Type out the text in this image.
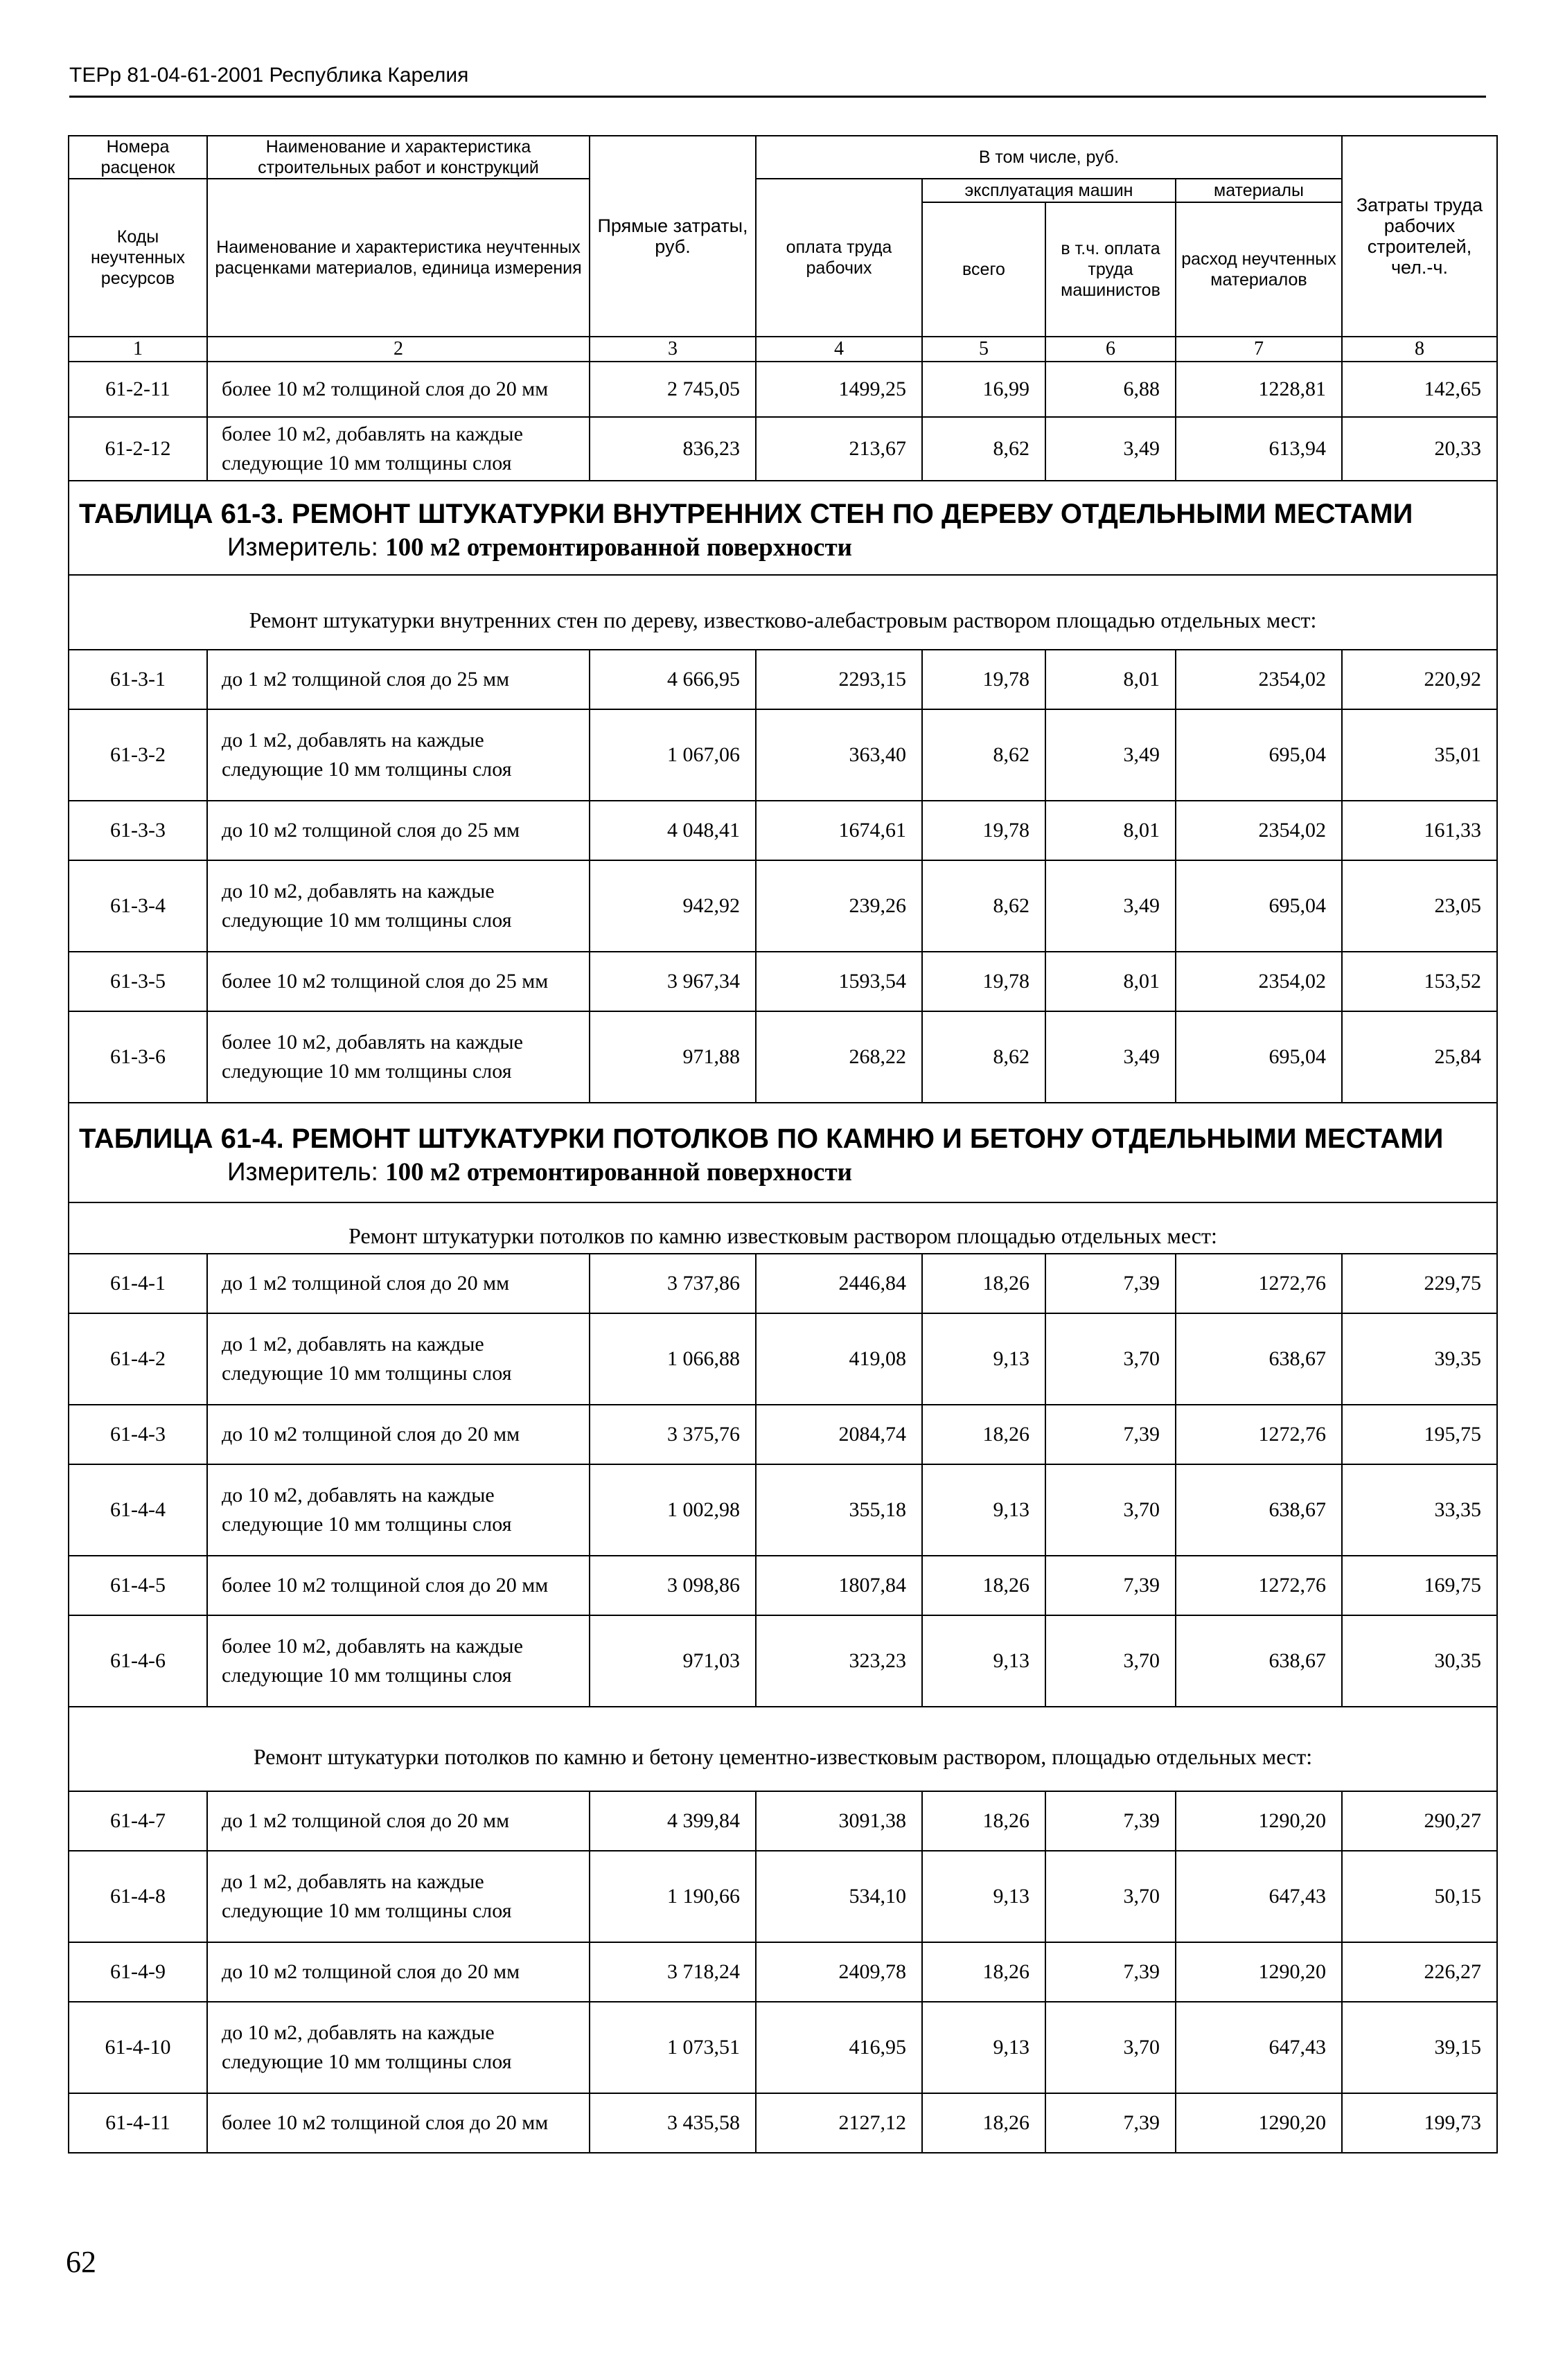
ТЕРр 81-04-61-2001 Республика Карелия
Номера расценок	Наименование и характеристика строительных работ и конструкций	Прямые затраты, руб.	В том числе, руб.				Затраты труда рабочих строителей, чел.-ч.
Коды неучтенных ресурсов	Наименование и характеристика неучтенных расценками материалов, единица измерения		оплата труда рабочих	эксплуатация машин		материалы	
				всего	в т.ч. оплата труда машинистов	расход неучтенных материалов	
1	2	3	4	5	6	7	8
61-2-11	более 10 м2 толщиной слоя до 20 мм	2 745,05	1499,25	16,99	6,88	1228,81	142,65
61-2-12	более 10 м2, добавлять на каждые следующие 10 мм толщины слоя	836,23	213,67	8,62	3,49	613,94	20,33

ТАБЛИЦА 61-3. РЕМОНТ ШТУКАТУРКИ ВНУТРЕННИХ СТЕН ПО ДЕРЕВУ ОТДЕЛЬНЫМИ МЕСТАМИ
Измеритель: 100 м2 отремонтированной поверхности							

Ремонт штукатурки внутренних стен по дереву, известково-алебастровым раствором площадью отдельных мест:							
61-3-1	до 1 м2 толщиной слоя до 25 мм	4 666,95	2293,15	19,78	8,01	2354,02	220,92
61-3-2	до 1 м2, добавлять на каждые следующие 10 мм толщины слоя	1 067,06	363,40	8,62	3,49	695,04	35,01
61-3-3	до 10 м2 толщиной слоя до 25 мм	4 048,41	1674,61	19,78	8,01	2354,02	161,33
61-3-4	до 10 м2, добавлять на каждые следующие 10 мм толщины слоя	942,92	239,26	8,62	3,49	695,04	23,05
61-3-5	более 10 м2 толщиной слоя до 25 мм	3 967,34	1593,54	19,78	8,01	2354,02	153,52
61-3-6	более 10 м2, добавлять на каждые следующие 10 мм толщины слоя	971,88	268,22	8,62	3,49	695,04	25,84

ТАБЛИЦА 61-4. РЕМОНТ ШТУКАТУРКИ ПОТОЛКОВ ПО КАМНЮ И БЕТОНУ ОТДЕЛЬНЫМИ МЕСТАМИ
Измеритель: 100 м2 отремонтированной поверхности							

Ремонт штукатурки потолков по камню известковым раствором площадью отдельных мест:							
61-4-1	до 1 м2 толщиной слоя до 20 мм	3 737,86	2446,84	18,26	7,39	1272,76	229,75
61-4-2	до 1 м2, добавлять на каждые следующие 10 мм толщины слоя	1 066,88	419,08	9,13	3,70	638,67	39,35
61-4-3	до 10 м2 толщиной слоя до 20 мм	3 375,76	2084,74	18,26	7,39	1272,76	195,75
61-4-4	до 10 м2, добавлять на каждые следующие 10 мм толщины слоя	1 002,98	355,18	9,13	3,70	638,67	33,35
61-4-5	более 10 м2 толщиной слоя до 20 мм	3 098,86	1807,84	18,26	7,39	1272,76	169,75
61-4-6	более 10 м2, добавлять на каждые следующие 10 мм толщины слоя	971,03	323,23	9,13	3,70	638,67	30,35
Ремонт штукатурки потолков по камню и бетону цементно-известковым раствором, площадью отдельных мест:							
61-4-7	до 1 м2 толщиной слоя до 20 мм	4 399,84	3091,38	18,26	7,39	1290,20	290,27
61-4-8	до 1 м2, добавлять на каждые следующие 10 мм толщины слоя	1 190,66	534,10	9,13	3,70	647,43	50,15
61-4-9	до 10 м2 толщиной слоя до 20 мм	3 718,24	2409,78	18,26	7,39	1290,20	226,27
61-4-10	до 10 м2, добавлять на каждые следующие 10 мм толщины слоя	1 073,51	416,95	9,13	3,70	647,43	39,15
61-4-11	более 10 м2 толщиной слоя до 20 мм	3 435,58	2127,12	18,26	7,39	1290,20	199,73
62
